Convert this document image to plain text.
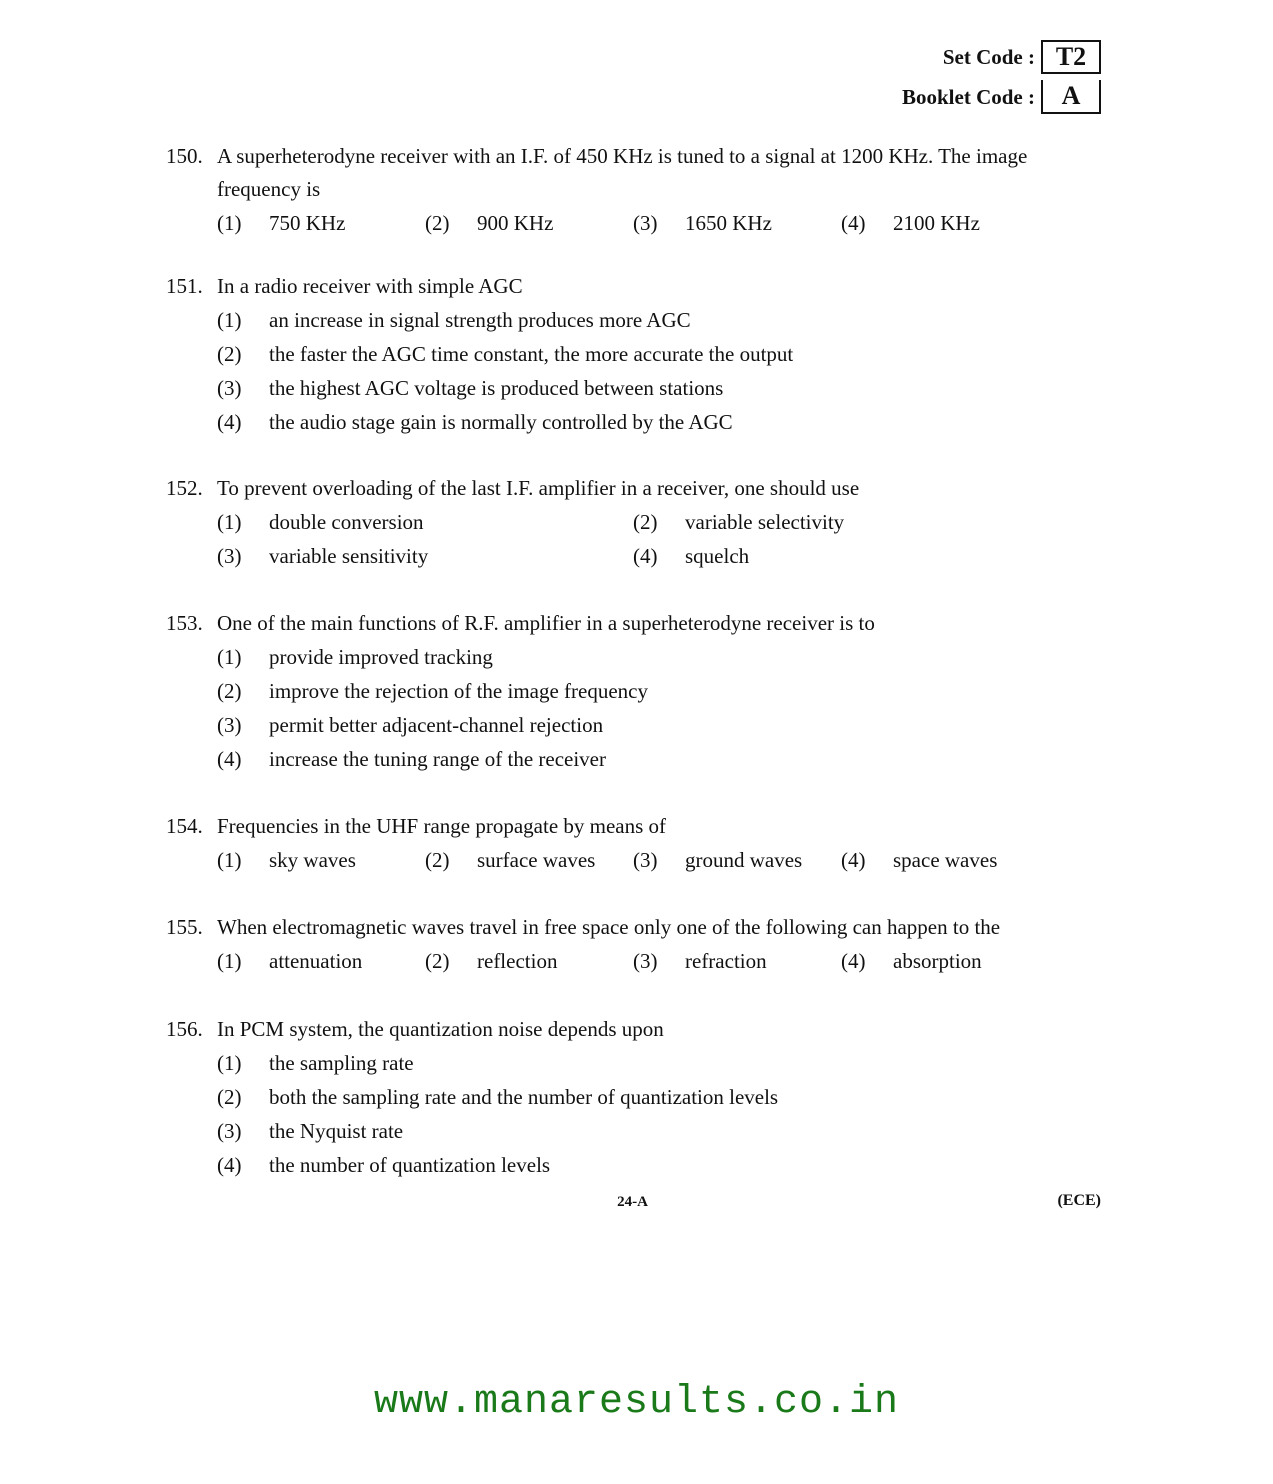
Set Code : T2
Booklet Code :	A
150. A superheterodyne receiver with an I.F. of 450 KHz is tuned to a signal at 1200 KHz. The image frequency is
(1)	750 KHz	(2)	900 KHz	(3)	1650 KHz	(4)	2100 KHz
151. In a radio receiver with simple AGC
(1)	an increase in signal strength produces more AGC
(2)	the faster the AGC time constant, the more accurate the output
(3)	the highest AGC voltage is produced between stations
(4)	the audio stage gain is normally controlled by the AGC
152. To prevent overloading of the last I.F. amplifier in a receiver, one should use
(1)	double conversion	(2)	variable selectivity
(3)	variable sensitivity	(4)	squelch
153. One of the main functions of R.F. amplifier in a superheterodyne receiver is to
(1)	provide improved tracking
(2)	improve the rejection of the image frequency
(3)	permit better adjacent-channel rejection
(4)	increase the tuning range of the receiver
154. Frequencies in the UHF range propagate by means of
(1)	sky waves	(2)	surface waves (3)	ground waves (4)	space waves
155. When electromagnetic waves travel in free space only one of the following can happen to the
(1)	attenuation	(2)	reflection	(3)	refraction	(4)	absorption
156. In PCM system, the quantization noise depends upon
(1)	the sampling rate
(2)	both the sampling rate and the number of quantization levels
(3)	the Nyquist rate
(4)	the number of quantization levels
24-A	(ECE)
www.manaresults.co.in
